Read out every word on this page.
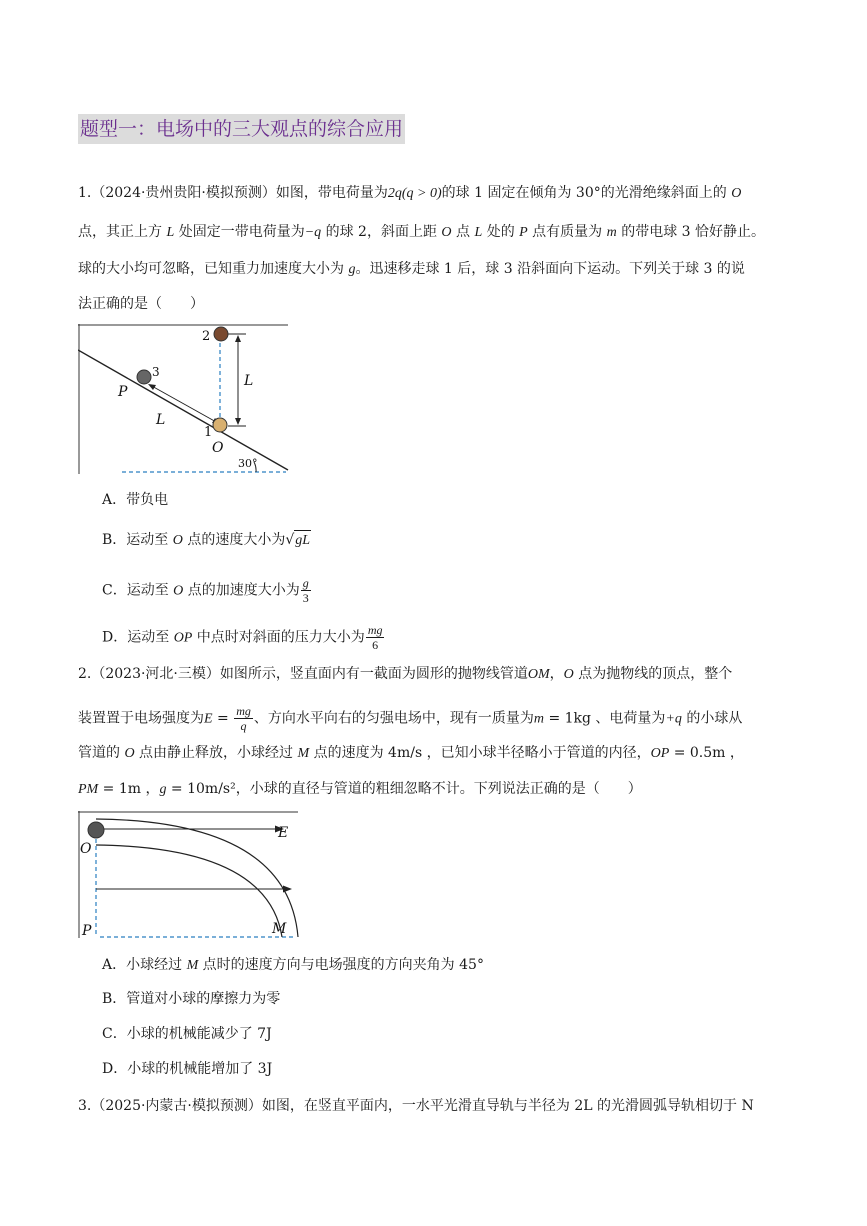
题型一：电场中的三大观点的综合应用
1.（2024·贵州贵阳·模拟预测）如图，带电荷量为2q(q > 0)的球 1 固定在倾角为 30°的光滑绝缘斜面上的 O
点，其正上方 L 处固定一带电荷量为−q 的球 2，斜面上距 O 点 L 处的 P 点有质量为 m 的带电球 3 恰好静止。
球的大小均可忽略，已知重力加速度大小为 g。迅速移走球 1 后，球 3 沿斜面向下运动。下列关于球 3 的说
法正确的是（　　）
30°
L
L
2
3
P
1
O
A．带负电
B．运动至 O 点的速度大小为√gL
C．运动至 O 点的加速度大小为 $\frac{g}{3}$
D．运动至 OP 中点时对斜面的压力大小为 $\frac{mg}{6}$
2.（2023·河北·三模）如图所示，竖直面内有一截面为圆形的抛物线管道OM，O 点为抛物线的顶点，整个
装置置于电场强度为$E = \frac{mg}{q}$ 、方向水平向右的匀强电场中，现有一质量为m = 1kg 、电荷量为+q 的小球从
管道的 O 点由静止释放，小球经过 M 点的速度为 4m/s ，已知小球半径略小于管道的内径，OP = 0.5m ，
PM = 1m ，g = 10m/s²，小球的直径与管道的粗细忽略不计。下列说法正确的是（　　）
E
O
P	M
A．小球经过 M 点时的速度方向与电场强度的方向夹角为 45°
B．管道对小球的摩擦力为零
C．小球的机械能减少了 7J
D．小球的机械能增加了 3J
3.（2025·内蒙古·模拟预测）如图，在竖直平面内，一水平光滑直导轨与半径为 2L 的光滑圆弧导轨相切于 N
